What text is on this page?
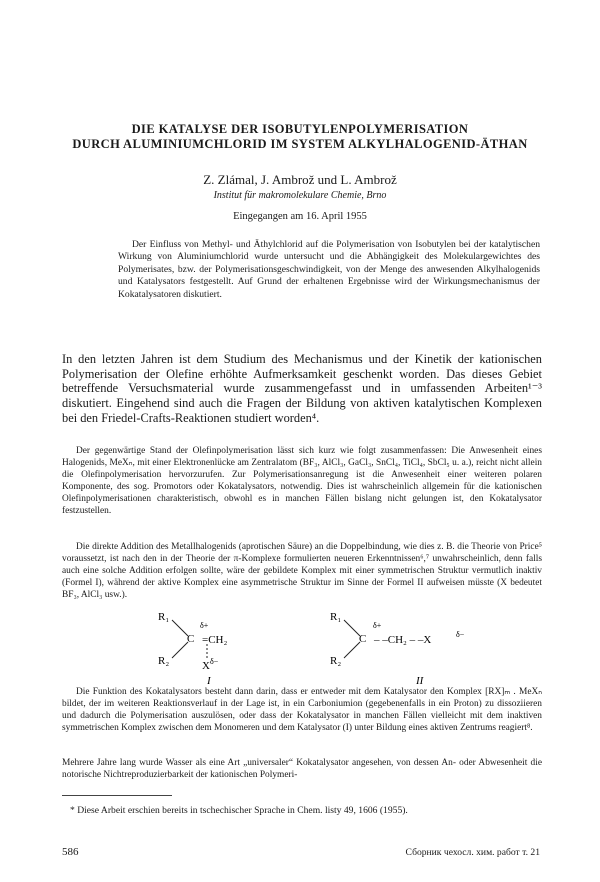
DIE KATALYSE DER ISOBUTYLENPOLYMERISATION
DURCH ALUMINIUMCHLORID IM SYSTEM ALKYLHALOGENID-ÄTHAN
Z. Zlámal, J. Ambrož und L. Ambrož
Institut für makromolekulare Chemie, Brno
Eingegangen am 16. April 1955
Der Einfluss von Methyl- und Äthylchlorid auf die Polymerisation von Isobutylen bei der katalytischen Wirkung von Aluminiumchlorid wurde untersucht und die Abhängigkeit des Molekulargewichtes des Polymerisates, bzw. der Polymerisationsgeschwindigkeit, von der Menge des anwesenden Alkylhalogenids und Katalysators festgestellt. Auf Grund der erhaltenen Ergebnisse wird der Wirkungsmechanismus der Kokatalysatoren diskutiert.
In den letzten Jahren ist dem Studium des Mechanismus und der Kinetik der kationischen Polymerisation der Olefine erhöhte Aufmerksamkeit geschenkt worden. Das dieses Gebiet betreffende Versuchsmaterial wurde zusammengefasst und in umfassenden Arbeiten¹⁻³ diskutiert. Eingehend sind auch die Fragen der Bildung von aktiven katalytischen Komplexen bei den Friedel-Crafts-Reaktionen studiert worden⁴.
Der gegenwärtige Stand der Olefinpolymerisation lässt sich kurz wie folgt zusammenfassen: Die Anwesenheit eines Halogenids, MeXₙ, mit einer Elektronenlücke am Zentralatom (BF₃, AlCl₃, GaCl₃, SnCl₄, TiCl₄, SbCl₅ u. a.), reicht nicht allein die Olefinpolymerisation hervorzurufen. Zur Polymerisationsanregung ist die Anwesenheit einer weiteren polaren Komponente, des sog. Promotors oder Kokatalysators, notwendig. Dies ist wahrscheinlich allgemein für die kationischen Olefinpolymerisationen charakteristisch, obwohl es in manchen Fällen bislang nicht gelungen ist, den Kokatalysator festzustellen.
Die direkte Addition des Metallhalogenids (aprotischen Säure) an die Doppelbindung, wie dies z. B. die Theorie von Price⁵ voraussetzt, ist nach den in der Theorie der π-Komplexe formulierten neueren Erkenntnissen⁶,⁷ unwahrscheinlich, denn falls auch eine solche Addition erfolgen sollte, wäre der gebildete Komplex mit einer symmetrischen Struktur vermutlich inaktiv (Formel I), während der aktive Komplex eine asymmetrische Struktur im Sinne der Formel II aufweisen müsste (X bedeutet BF₃, AlCl₃ usw.).
R₁
R₂
C
δ+
=CH₂
X δ−
I
R₁
R₂
C
δ+
– –CH₂ – –X	δ−
II
Die Funktion des Kokatalysators besteht dann darin, dass er entweder mit dem Katalysator den Komplex [RX]ₘ . MeXₙ bildet, der im weiteren Reaktionsverlauf in der Lage ist, in ein Carboniumion (gegebenenfalls in ein Proton) zu dissoziieren und dadurch die Polymerisation auszulösen, oder dass der Kokatalysator in manchen Fällen vielleicht mit dem inaktiven symmetrischen Komplex zwischen dem Monomeren und dem Katalysator (I) unter Bildung eines aktiven Zentrums reagiert⁸.
Mehrere Jahre lang wurde Wasser als eine Art „universaler“ Kokatalysator angesehen, von dessen An- oder Abwesenheit die notorische Nichtreproduzierbarkeit der kationischen Polymeri-
* Diese Arbeit erschien bereits in tschechischer Sprache in Chem. listy 49, 1606 (1955).
586	Сборник чехосл. хим. работ т. 21
